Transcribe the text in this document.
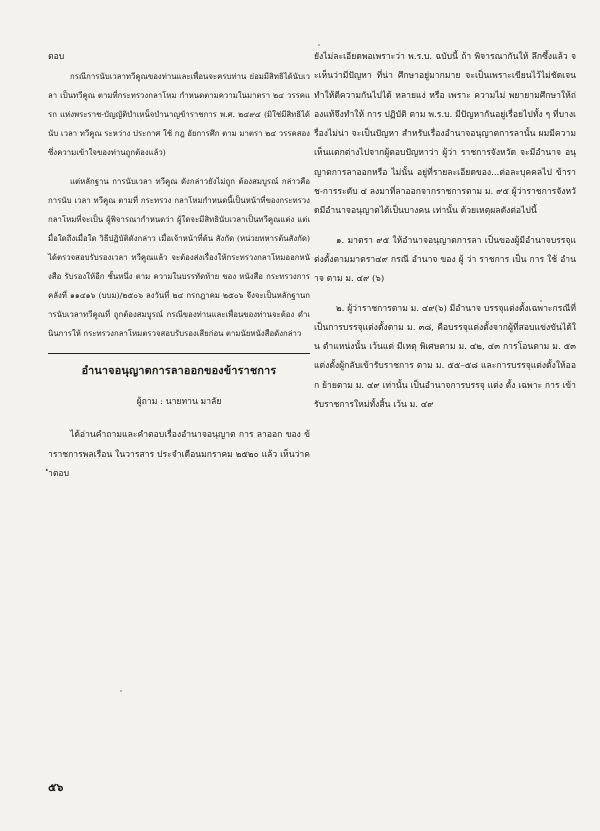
ตอบ

กรณีการนับเวลาทวีคูณของท่านและเพื่อนจะครบท่าน ย่อมมีสิทธิได้นับเวลา เป็นทวีคูณ ตามที่กระทรวงกลาโหม กำหนดตามความในมาตรา ๒๔ วรรคแรก แห่งพระราช-บัญญัติบำเหน็จบำนาญข้าราชการ พ.ศ. ๒๔๙๔ (มิใช่มีสิทธิได้นับ เวลา ทวีคูณ ระหว่าง ประกาศ ใช้ กฎ อัยการศึก ตาม มาตรา ๒๔ วรรคสอง ซึ่งความเข้าใจของท่านถูกต้องแล้ว)

แต่หลักฐาน การนับเวลา ทวีคูณ ดังกล่าวยังไม่ถูก ต้องสมบูรณ์ กล่าวคือ การนับ เวลา ทวีคูณ ตามที่ กระทรวง กลาโหมกำหนดนี้เป็นหน้าที่ของกระทรวงกลาโหมที่จะเป็น ผู้พิจารณากำหนดว่า ผู้ใดจะมีสิทธินับเวลาเป็นทวีคูณแต่ง แต่เมื่อใดถึงเมื่อใด วิธีปฏิบัติดังกล่าว เมื่อเจ้าหน้าที่ต้น สังกัด (หน่วยทหารต้นสังกัด) ได้ตรวจสอบรับรองเวลา ทวีคูณแล้ว จะต้องส่งเรื่องให้กระทรวงกลาโหมออกหนังสือ รับรองให้อีก ชั้นหนึ่ง ตาม ความในบรรทัดท้าย ของ หนังสือ กระทรวงการคลังที่ ๑๑๔๑๖ (บบม)/๒๕๐๖ ลงวันที่ ๒๔ กรกฎาคม ๒๕๐๖ จึงจะเป็นหลักฐานการนับเวลาทวีคูณที่ ถูกต้องสมบูรณ์ กรณีของท่านและเพื่อนของท่านจะต้อง ดำเนินการให้ กระทรวงกลาโหมตรวจสอบรับรองเสียก่อน ตามนัยหนังสือดังกล่าว

อำนาจอนุญาตการลาออกของข้าราชการ

ผู้ถาม : นายทาน มาลัย

ได้อ่านคำถามและคำตอบเรื่องอำนาจอนุญาต การ ลาออก ของ ข้าราชการพลเรือน ในวารสาร ประจำเดือนมกราคม ๒๕๒๐ แล้ว เห็นว่าคำตอบ

ยังไม่ละเอียดพอเพราะว่า พ.ร.บ. ฉบับนี้ ถ้า พิจารณากันให้ ลึกซึ้งแล้ว จะเห็นว่ามีปัญหา ที่น่า ศึกษาอยู่มากมาย จะเป็นเพราะเขียนไว้ไม่ชัดเจน ทำให้ตีความกันไปได้ หลายแง่ หรือ เพราะ ความไม่ พยายามศึกษาให้ถ่องแท้จึงทำให้ การ ปฏิบัติ ตาม พ.ร.บ. มีปัญหากันอยู่เรื่อยไปทั้ง ๆ ที่บางเรื่องไม่น่า จะเป็นปัญหา สำหรับเรื่องอำนาจอนุญาตการลานั้น ผมมีความเห็นแตกต่างไปจากผู้ตอบปัญหาว่า ผู้ว่า ราชการจังหวัด จะมีอำนาจ อนุญาตการลาออกหรือ ไม่นั้น อยู่ที่รายละเอียดของ...ต่อละบุคคลไป ข้าราช-การระดับ ๔ ลงมาที่ลาออกจากราชการตาม ม. ๙๕ ผู้ว่าราชการจังหวัดมีอำนาจอนุญาตได้เป็นบางคน เท่านั้น ด้วยเหตุผลดังต่อไปนี้

๑. มาตรา ๙๕ ให้อำนาจอนุญาตการลา เป็นของผู้มีอำนาจบรรจุแต่งตั้งตามมาตรา๔๙ กรณี อำนาจ ของ ผู้ ว่า ราชการ เป็น การ ใช้ อำนาจ ตาม ม. ๔๙ (๖)

๒. ผู้ว่าราชการตาม ม. ๔๙(๖) มีอำนาจ บรรจุแต่งตั้งเฉพาะกรณีที่เป็นการบรรจุแต่งตั้งตาม ม. ๓๘, คือบรรจุแต่งตั้งจากผู้ที่สอบแข่งขันได้ใน ตำแหน่งนั้น เว้นแต่ มีเหตุ พิเศษตาม ม. ๔๒, ๔๓ การโอนตาม ม. ๕๓ แต่งตั้งผู้กลับเข้ารับราชการ ตาม ม. ๕๕–๕๘ และการบรรจุแต่งตั้งให้ออก ย้ายตาม ม. ๔๙ เท่านั้น เป็นอำนาจการบรรจุ แต่ง ตั้ง เฉพาะ การ เข้า รับราชการใหม่ทั้งสิ้น เว้น ม. ๔๙

๕๖
